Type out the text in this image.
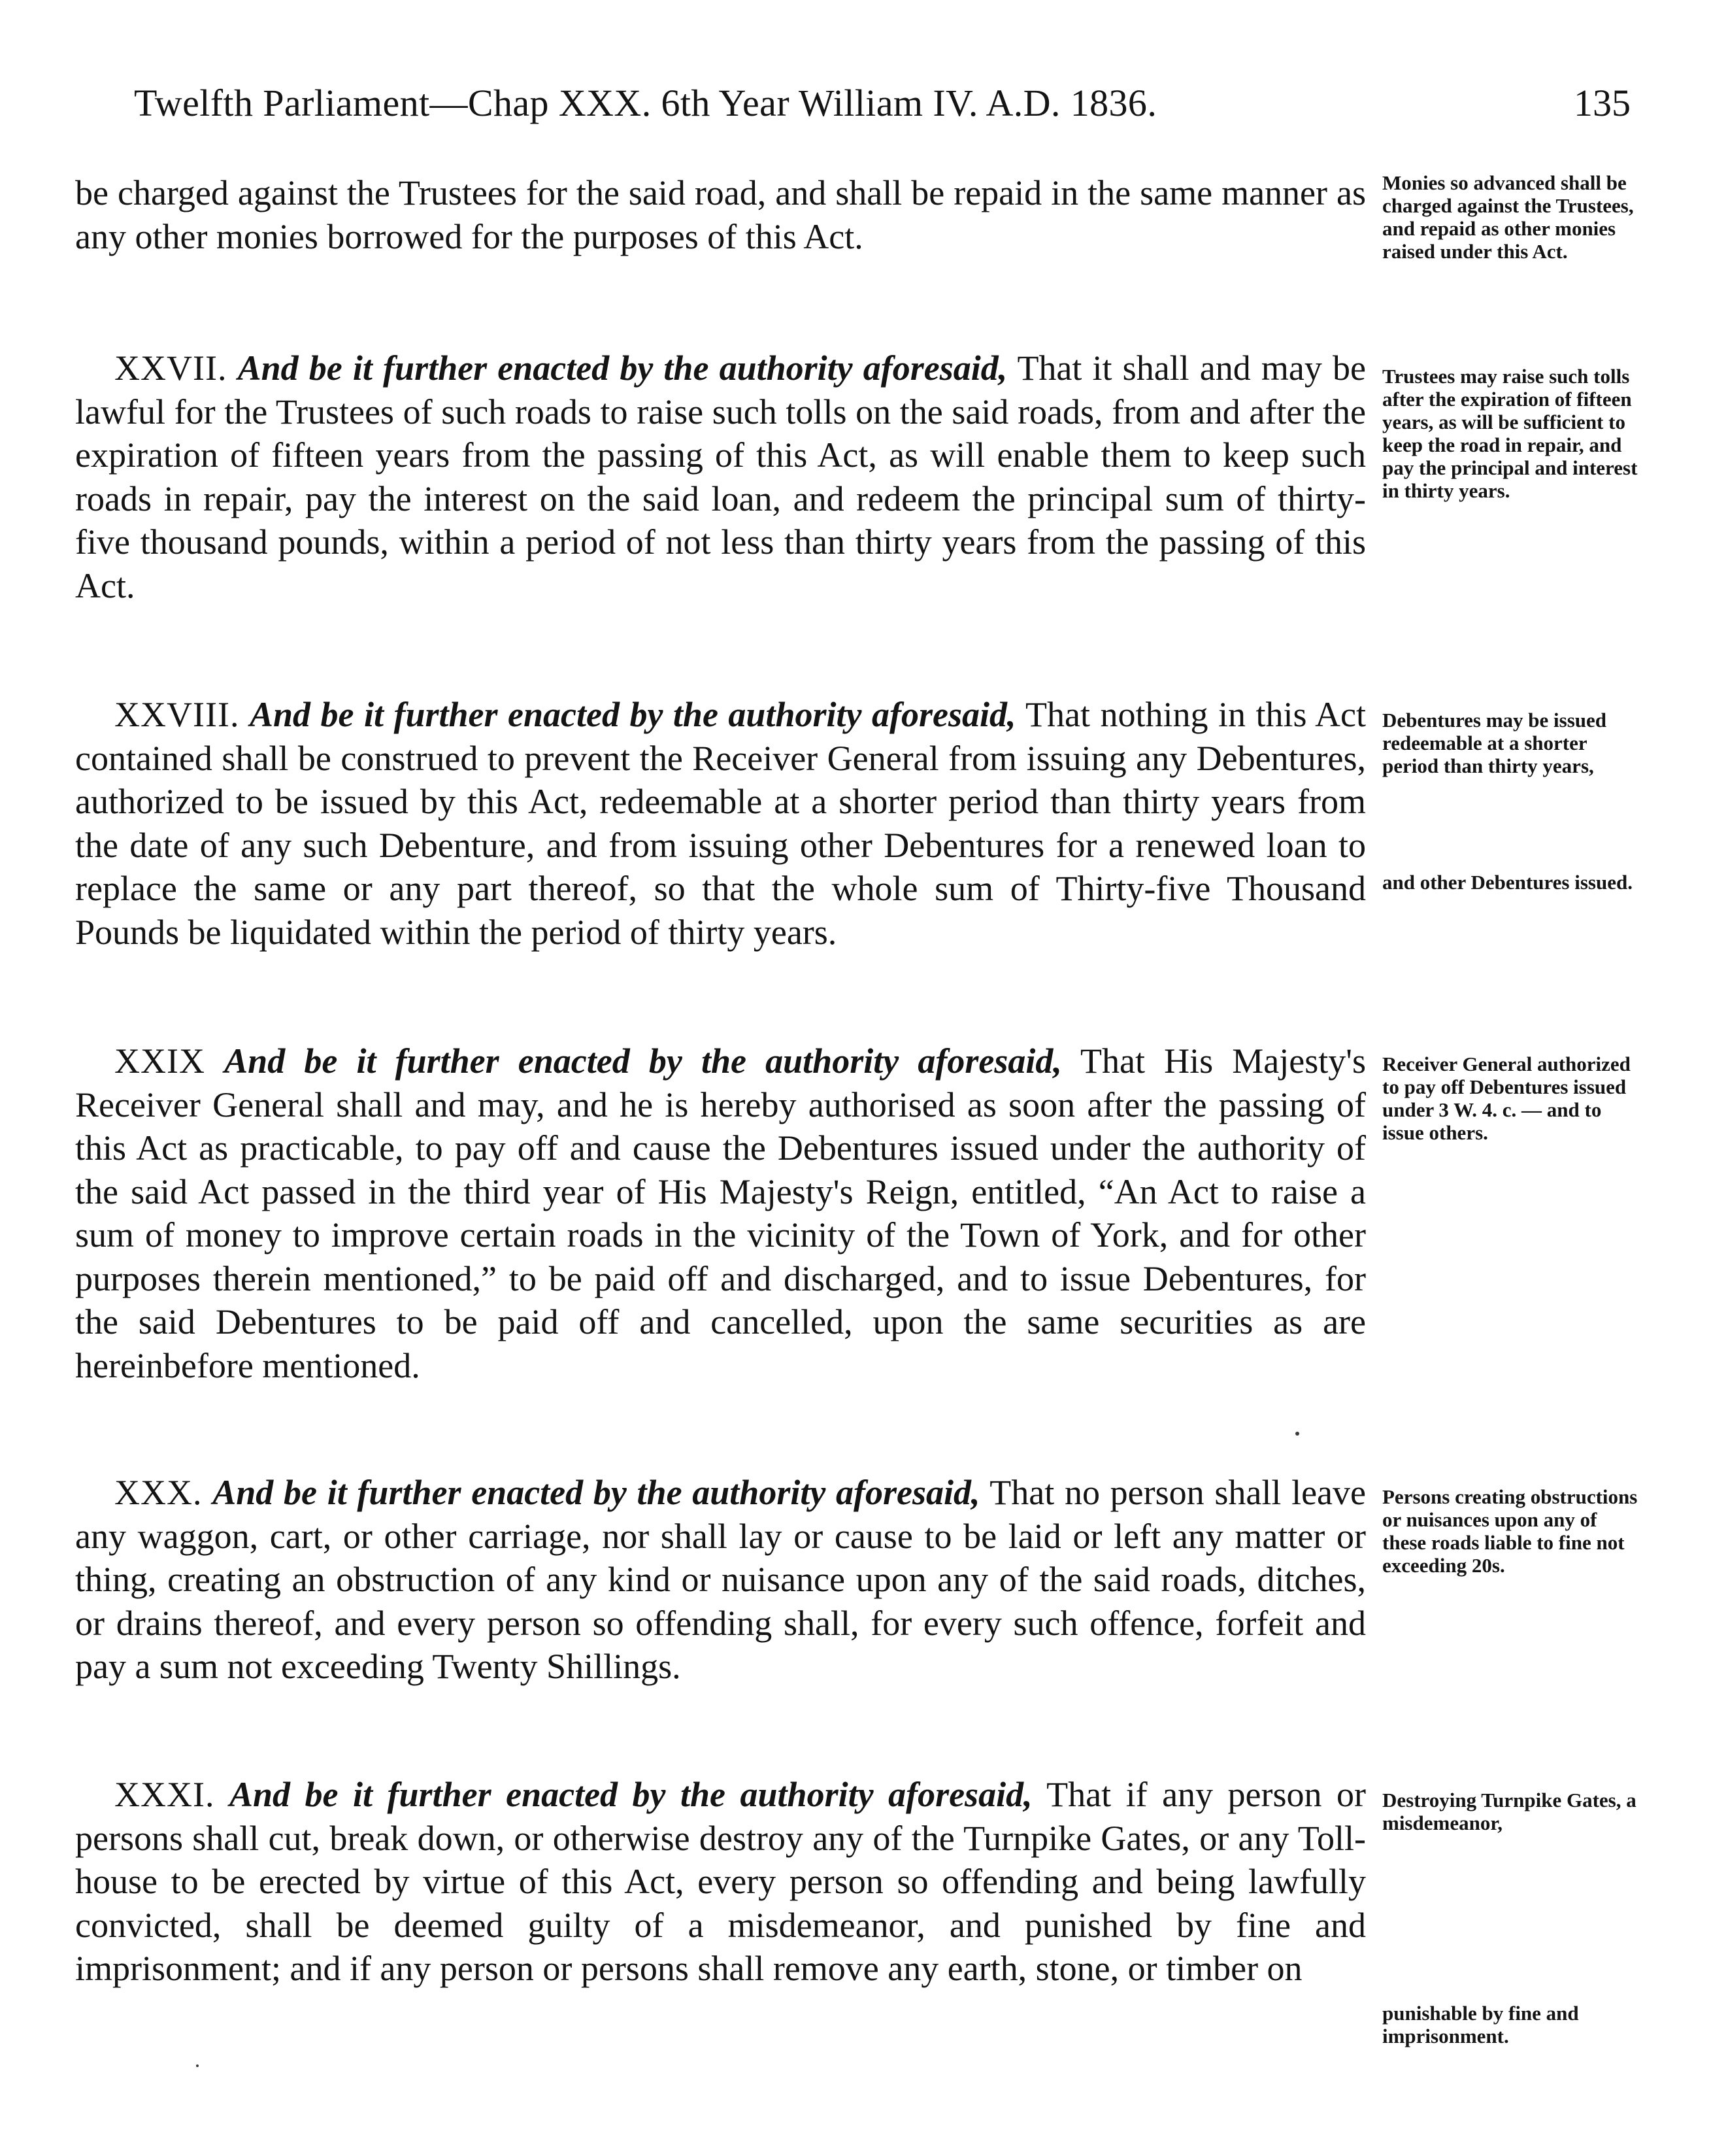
Twelfth Parliament—Chap XXX. 6th Year William IV. A.D. 1836.	135

be charged against the Trustees for the said road, and shall be repaid in the same manner as any other monies borrowed for the purposes of this Act.

Monies so advanced shall be charged against the Trustees, and repaid as other monies raised under this Act.

XXVII. And be it further enacted by the authority aforesaid, That it shall and may be lawful for the Trustees of such roads to raise such tolls on the said roads, from and after the expiration of fifteen years from the passing of this Act, as will enable them to keep such roads in repair, pay the interest on the said loan, and redeem the principal sum of thirty-five thousand pounds, within a period of not less than thirty years from the passing of this Act.

Trustees may raise such tolls after the expiration of fifteen years, as will be sufficient to keep the road in repair, and pay the principal and interest in thirty years.

XXVIII. And be it further enacted by the authority aforesaid, That nothing in this Act contained shall be construed to prevent the Receiver General from issuing any Debentures, authorized to be issued by this Act, redeemable at a shorter period than thirty years from the date of any such Debenture, and from issuing other Debentures for a renewed loan to replace the same or any part thereof, so that the whole sum of Thirty-five Thousand Pounds be liquidated within the period of thirty years.

Debentures may be issued redeemable at a shorter period than thirty years,

and other Debentures issued.

XXIX And be it further enacted by the authority aforesaid, That His Majesty's Receiver General shall and may, and he is hereby authorised as soon after the passing of this Act as practicable, to pay off and cause the Debentures issued under the authority of the said Act passed in the third year of His Majesty's Reign, entitled, “An Act to raise a sum of money to improve certain roads in the vicinity of the Town of York, and for other purposes therein mentioned,” to be paid off and discharged, and to issue Debentures, for the said Debentures to be paid off and cancelled, upon the same securities as are hereinbefore mentioned.

Receiver General authorized to pay off Debentures issued under 3 W. 4. c. — and to issue others.

XXX. And be it further enacted by the authority aforesaid, That no person shall leave any waggon, cart, or other carriage, nor shall lay or cause to be laid or left any matter or thing, creating an obstruction of any kind or nuisance upon any of the said roads, ditches, or drains thereof, and every person so offending shall, for every such offence, forfeit and pay a sum not exceeding Twenty Shillings.

Persons creating obstructions or nuisances upon any of these roads liable to fine not exceeding 20s.

XXXI. And be it further enacted by the authority aforesaid, That if any person or persons shall cut, break down, or otherwise destroy any of the Turnpike Gates, or any Toll-house to be erected by virtue of this Act, every person so offending and being lawfully convicted, shall be deemed guilty of a misdemeanor, and punished by fine and imprisonment; and if any person or persons shall remove any earth, stone, or timber on

Destroying Turnpike Gates, a misdemeanor,

punishable by fine and imprisonment.
